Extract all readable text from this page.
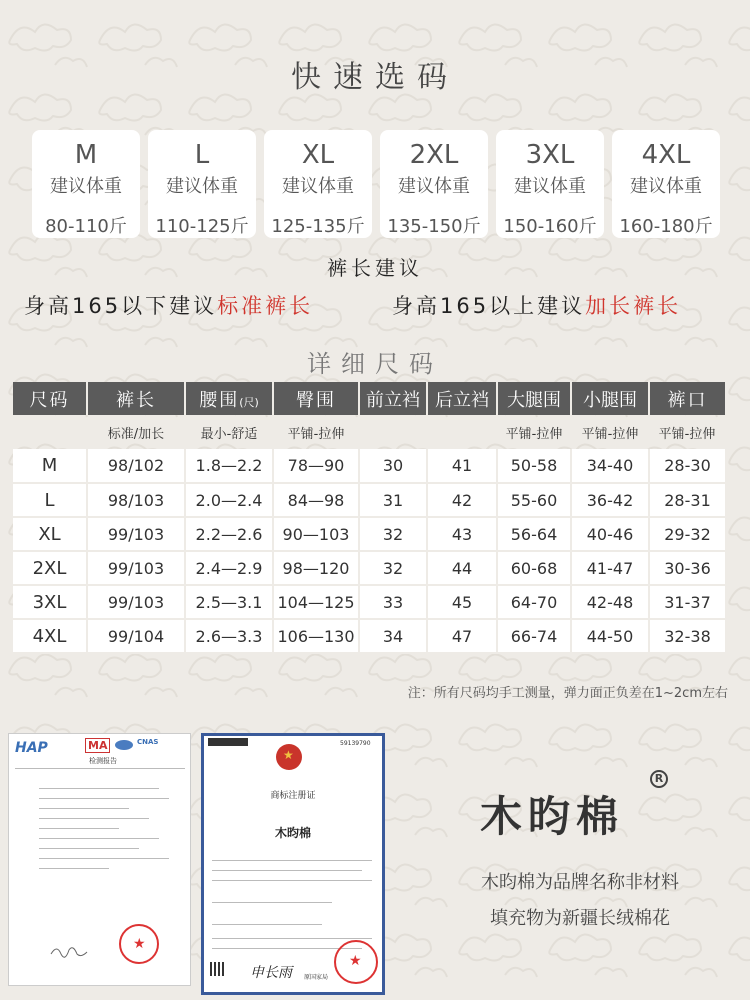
快速选码
M
建议体重
80-110斤
L
建议体重
110-125斤
XL
建议体重
125-135斤
2XL
建议体重
135-150斤
3XL
建议体重
150-160斤
4XL
建议体重
160-180斤
裤长建议
身高165以下建议标准裤长	身高165以上建议加长裤长
详细尺码
尺码	裤长	腰围(尺)	臀围	前立裆	后立裆	大腿围	小腿围	裤口
	标准/加长	最小-舒适	平铺-拉伸			平铺-拉伸	平铺-拉伸	平铺-拉伸
M	98/102	1.8—2.2	78—90	30	41	50-58	34-40	28-30
L	98/103	2.0—2.4	84—98	31	42	55-60	36-42	28-31
XL	99/103	2.2—2.6	90—103	32	43	56-64	40-46	29-32
2XL	99/103	2.4—2.9	98—120	32	44	60-68	41-47	30-36
3XL	99/103	2.5—3.1	104—125	33	45	64-70	42-48	31-37
4XL	99/104	2.6—3.3	106—130	34	47	66-74	44-50	32-38
注：所有尺码均手工测量，弹力面正负差在1~2cm左右
HAP	MA	CNAS
检测报告
★
59139790
★
商标注册证
木昀棉
申长雨 原国家局
★
木昀棉
R
木昀棉为品牌名称非材料
填充物为新疆长绒棉花
